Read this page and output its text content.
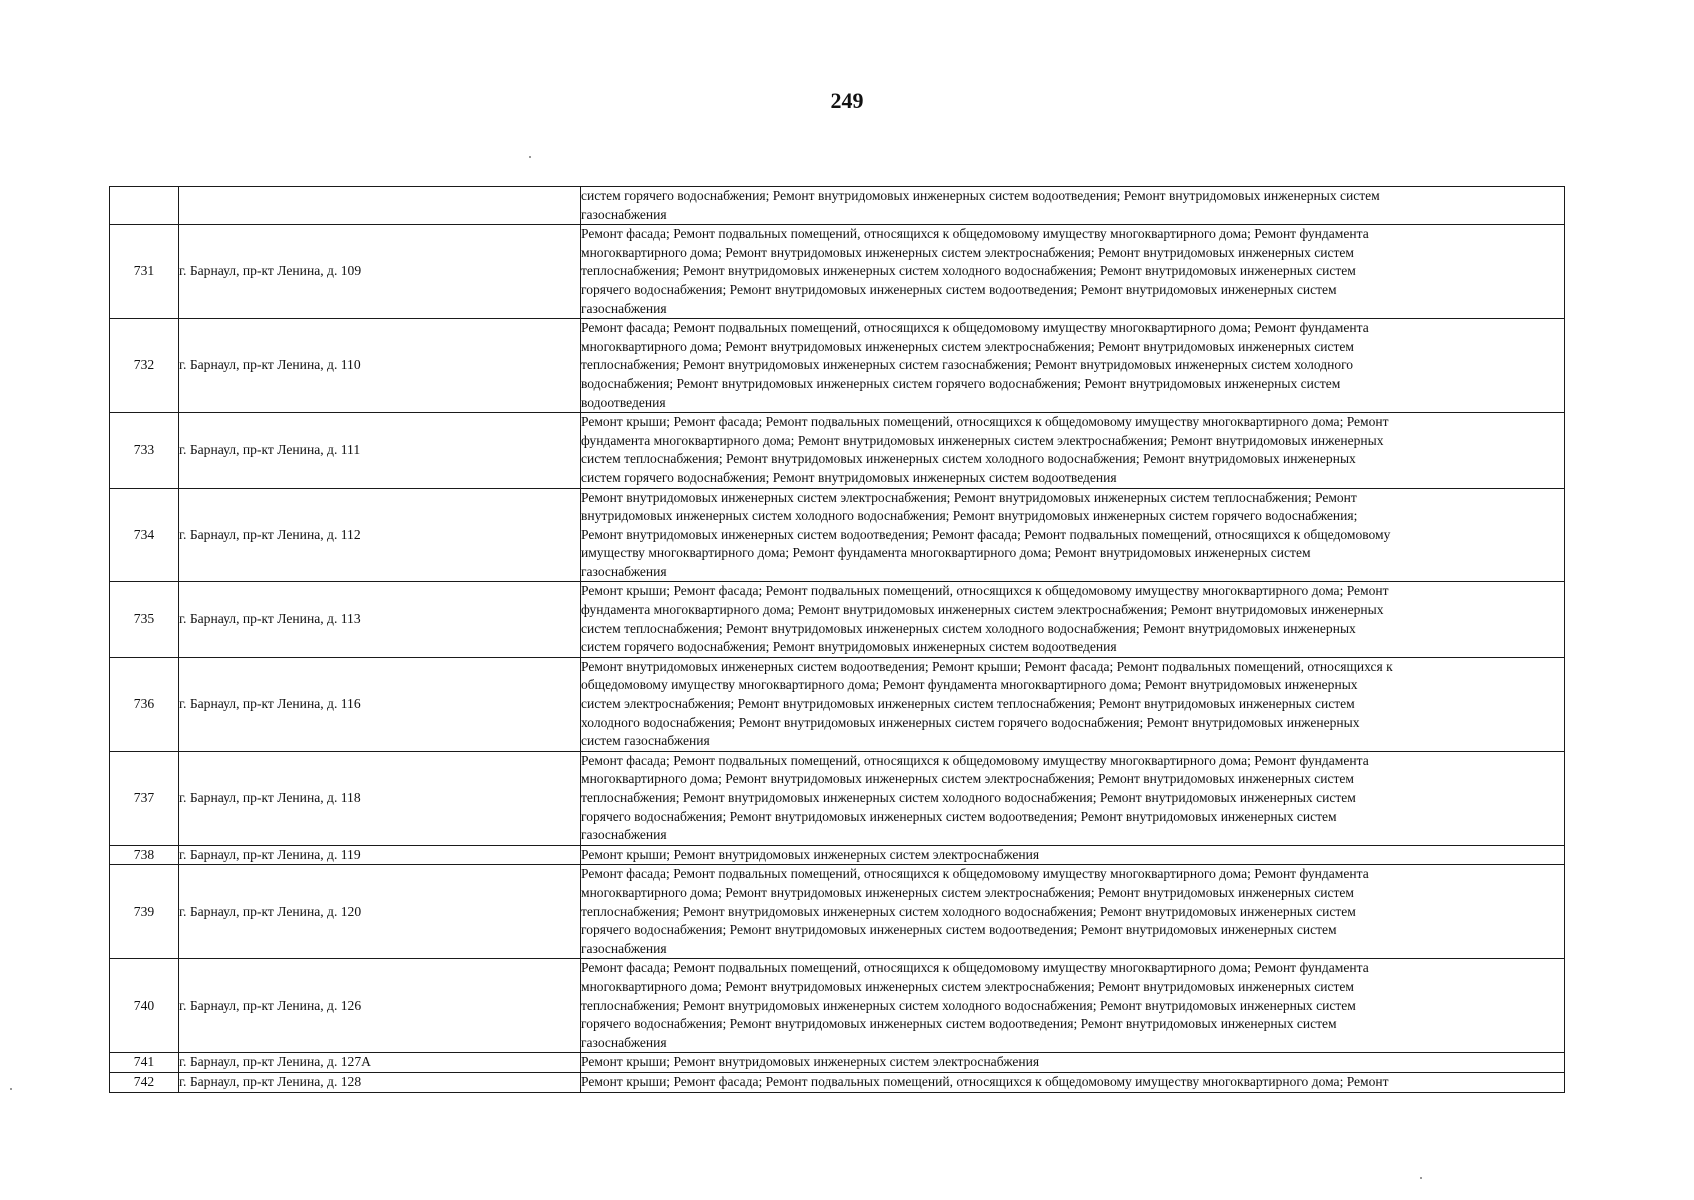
249

		систем горячего водоснабжения; Ремонт внутридомовых инженерных систем водоотведения; Ремонт внутридомовых инженерных систем
газоснабжения

731	г. Барнаул, пр-кт Ленина, д. 109	Ремонт фасада; Ремонт подвальных помещений, относящихся к общедомовому имуществу многоквартирного дома; Ремонт фундамента
многоквартирного дома; Ремонт внутридомовых инженерных систем электроснабжения; Ремонт внутридомовых инженерных систем
теплоснабжения; Ремонт внутридомовых инженерных систем холодного водоснабжения; Ремонт внутридомовых инженерных систем
горячего водоснабжения; Ремонт внутридомовых инженерных систем водоотведения; Ремонт внутридомовых инженерных систем
газоснабжения

732	г. Барнаул, пр-кт Ленина, д. 110	Ремонт фасада; Ремонт подвальных помещений, относящихся к общедомовому имуществу многоквартирного дома; Ремонт фундамента
многоквартирного дома; Ремонт внутридомовых инженерных систем электроснабжения; Ремонт внутридомовых инженерных систем
теплоснабжения; Ремонт внутридомовых инженерных систем газоснабжения; Ремонт внутридомовых инженерных систем холодного
водоснабжения; Ремонт внутридомовых инженерных систем горячего водоснабжения; Ремонт внутридомовых инженерных систем
водоотведения

733	г. Барнаул, пр-кт Ленина, д. 111	Ремонт крыши; Ремонт фасада; Ремонт подвальных помещений, относящихся к общедомовому имуществу многоквартирного дома; Ремонт
фундамента многоквартирного дома; Ремонт внутридомовых инженерных систем электроснабжения; Ремонт внутридомовых инженерных
систем теплоснабжения; Ремонт внутридомовых инженерных систем холодного водоснабжения; Ремонт внутридомовых инженерных
систем горячего водоснабжения; Ремонт внутридомовых инженерных систем водоотведения

734	г. Барнаул, пр-кт Ленина, д. 112	Ремонт внутридомовых инженерных систем электроснабжения; Ремонт внутридомовых инженерных систем теплоснабжения; Ремонт
внутридомовых инженерных систем холодного водоснабжения; Ремонт внутридомовых инженерных систем горячего водоснабжения;
Ремонт внутридомовых инженерных систем водоотведения; Ремонт фасада; Ремонт подвальных помещений, относящихся к общедомовому
имуществу многоквартирного дома; Ремонт фундамента многоквартирного дома; Ремонт внутридомовых инженерных систем
газоснабжения

735	г. Барнаул, пр-кт Ленина, д. 113	Ремонт крыши; Ремонт фасада; Ремонт подвальных помещений, относящихся к общедомовому имуществу многоквартирного дома; Ремонт
фундамента многоквартирного дома; Ремонт внутридомовых инженерных систем электроснабжения; Ремонт внутридомовых инженерных
систем теплоснабжения; Ремонт внутридомовых инженерных систем холодного водоснабжения; Ремонт внутридомовых инженерных
систем горячего водоснабжения; Ремонт внутридомовых инженерных систем водоотведения

736	г. Барнаул, пр-кт Ленина, д. 116	Ремонт внутридомовых инженерных систем водоотведения; Ремонт крыши; Ремонт фасада; Ремонт подвальных помещений, относящихся к
общедомовому имуществу многоквартирного дома; Ремонт фундамента многоквартирного дома; Ремонт внутридомовых инженерных
систем электроснабжения; Ремонт внутридомовых инженерных систем теплоснабжения; Ремонт внутридомовых инженерных систем
холодного водоснабжения; Ремонт внутридомовых инженерных систем горячего водоснабжения; Ремонт внутридомовых инженерных
систем газоснабжения

737	г. Барнаул, пр-кт Ленина, д. 118	Ремонт фасада; Ремонт подвальных помещений, относящихся к общедомовому имуществу многоквартирного дома; Ремонт фундамента
многоквартирного дома; Ремонт внутридомовых инженерных систем электроснабжения; Ремонт внутридомовых инженерных систем
теплоснабжения; Ремонт внутридомовых инженерных систем холодного водоснабжения; Ремонт внутридомовых инженерных систем
горячего водоснабжения; Ремонт внутридомовых инженерных систем водоотведения; Ремонт внутридомовых инженерных систем
газоснабжения

738	г. Барнаул, пр-кт Ленина, д. 119	Ремонт крыши; Ремонт внутридомовых инженерных систем электроснабжения

739	г. Барнаул, пр-кт Ленина, д. 120	Ремонт фасада; Ремонт подвальных помещений, относящихся к общедомовому имуществу многоквартирного дома; Ремонт фундамента
многоквартирного дома; Ремонт внутридомовых инженерных систем электроснабжения; Ремонт внутридомовых инженерных систем
теплоснабжения; Ремонт внутридомовых инженерных систем холодного водоснабжения; Ремонт внутридомовых инженерных систем
горячего водоснабжения; Ремонт внутридомовых инженерных систем водоотведения; Ремонт внутридомовых инженерных систем
газоснабжения

740	г. Барнаул, пр-кт Ленина, д. 126	Ремонт фасада; Ремонт подвальных помещений, относящихся к общедомовому имуществу многоквартирного дома; Ремонт фундамента
многоквартирного дома; Ремонт внутридомовых инженерных систем электроснабжения; Ремонт внутридомовых инженерных систем
теплоснабжения; Ремонт внутридомовых инженерных систем холодного водоснабжения; Ремонт внутридомовых инженерных систем
горячего водоснабжения; Ремонт внутридомовых инженерных систем водоотведения; Ремонт внутридомовых инженерных систем
газоснабжения

741	г. Барнаул, пр-кт Ленина, д. 127А	Ремонт крыши; Ремонт внутридомовых инженерных систем электроснабжения

742	г. Барнаул, пр-кт Ленина, д. 128	Ремонт крыши; Ремонт фасада; Ремонт подвальных помещений, относящихся к общедомовому имуществу многоквартирного дома; Ремонт
